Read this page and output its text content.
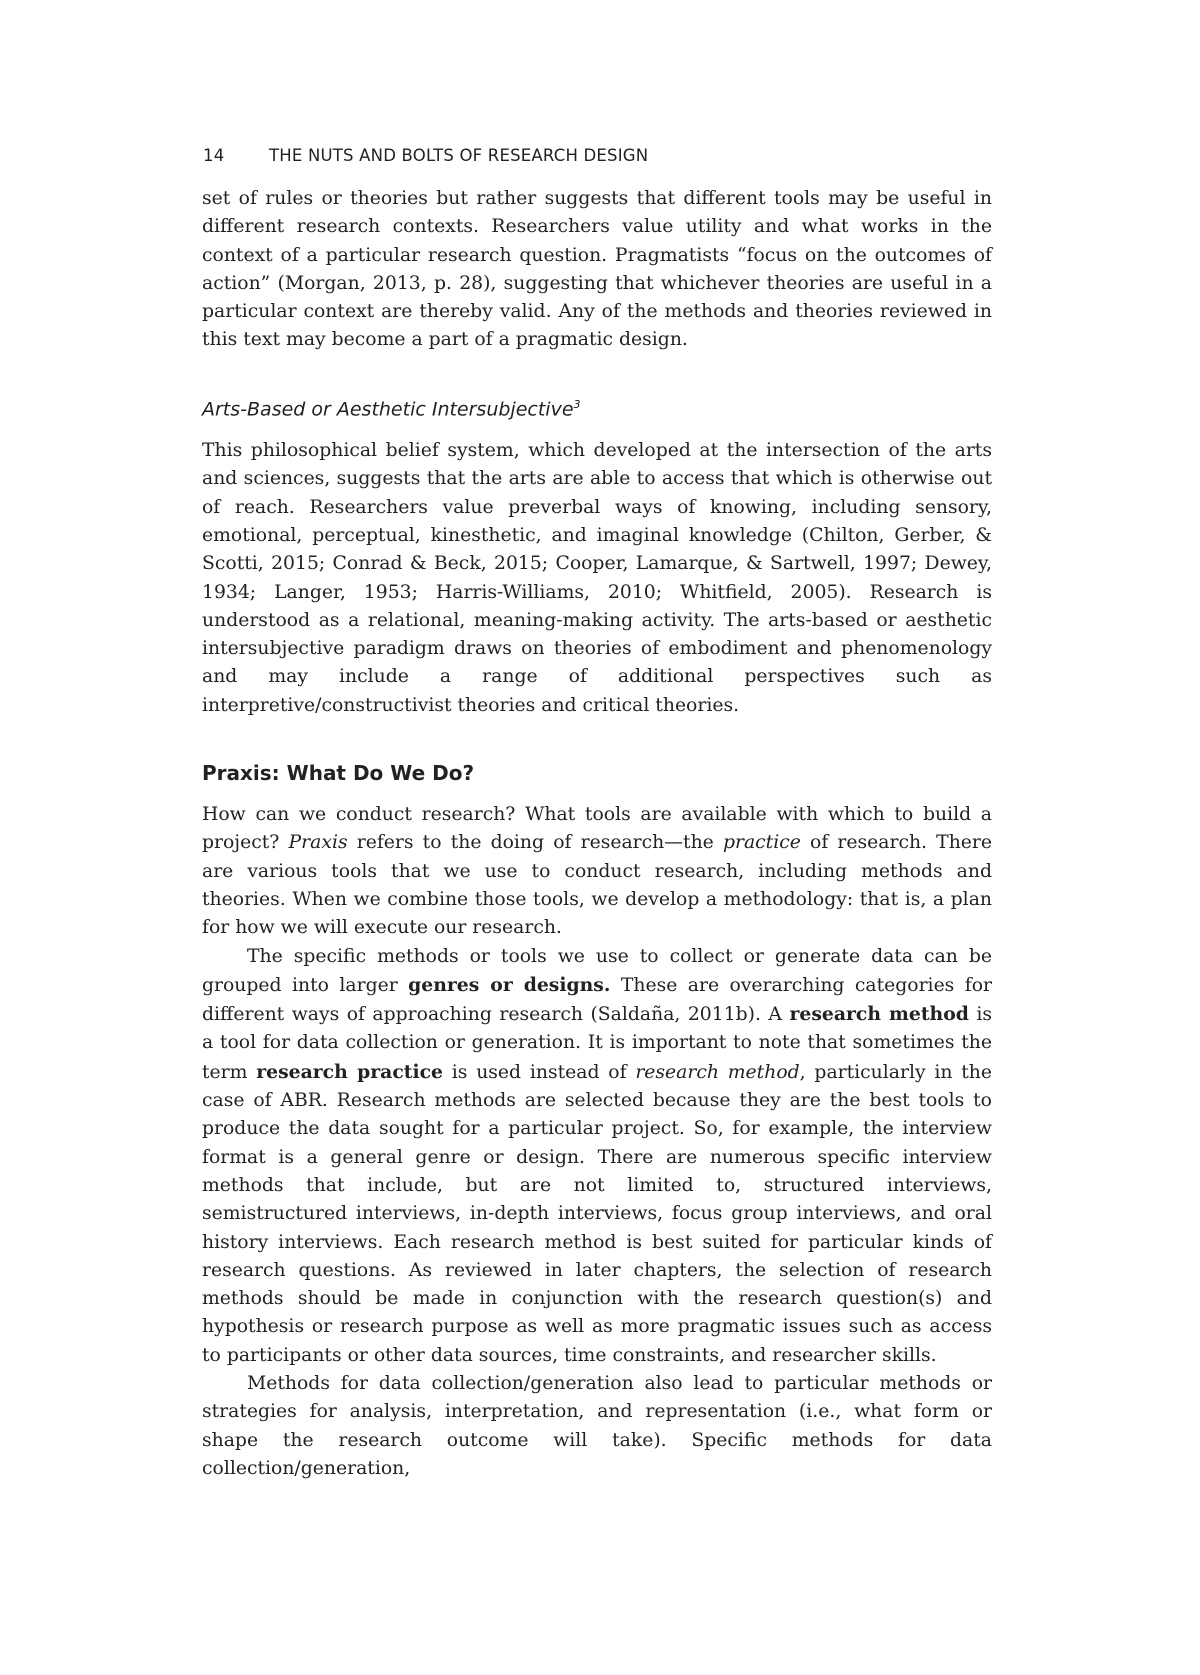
14	THE NUTS AND BOLTS OF RESEARCH DESIGN

set of rules or theories but rather suggests that different tools may be useful in different research contexts. Researchers value utility and what works in the context of a particular research question. Pragmatists “focus on the outcomes of action” (Morgan, 2013, p. 28), suggesting that whichever theories are useful in a particular context are thereby valid. Any of the methods and theories reviewed in this text may become a part of a pragmatic design.

Arts-Based or Aesthetic Intersubjective$^3$

This philosophical belief system, which developed at the intersection of the arts and sciences, suggests that the arts are able to access that which is otherwise out of reach. Researchers value preverbal ways of knowing, including sensory, emotional, perceptual, kinesthetic, and imaginal knowledge (Chilton, Gerber, & Scotti, 2015; Conrad & Beck, 2015; Cooper, Lamarque, & Sartwell, 1997; Dewey, 1934; Langer, 1953; Harris-Williams, 2010; Whitfield, 2005). Research is understood as a relational, meaning-making activity. The arts-based or aesthetic intersubjective paradigm draws on theories of embodiment and phenomenology and may include a range of additional perspectives such as interpretive/constructivist theories and critical theories.

Praxis: What Do We Do?

How can we conduct research? What tools are available with which to build a project? Praxis refers to the doing of research—the practice of research. There are various tools that we use to conduct research, including methods and theories. When we combine those tools, we develop a methodology: that is, a plan for how we will execute our research.

The specific methods or tools we use to collect or generate data can be grouped into larger genres or designs. These are overarching categories for different ways of approaching research (Saldaña, 2011b). A research method is a tool for data collection or generation. It is important to note that sometimes the term research practice is used instead of research method, particularly in the case of ABR. Research methods are selected because they are the best tools to produce the data sought for a particular project. So, for example, the interview format is a general genre or design. There are numerous specific interview methods that include, but are not limited to, structured interviews, semistructured interviews, in-depth interviews, focus group interviews, and oral history interviews. Each research method is best suited for particular kinds of research questions. As reviewed in later chapters, the selection of research methods should be made in conjunction with the research question(s) and hypothesis or research purpose as well as more pragmatic issues such as access to participants or other data sources, time constraints, and researcher skills.

Methods for data collection/generation also lead to particular methods or strategies for analysis, interpretation, and representation (i.e., what form or shape the research outcome will take). Specific methods for data collection/generation,
